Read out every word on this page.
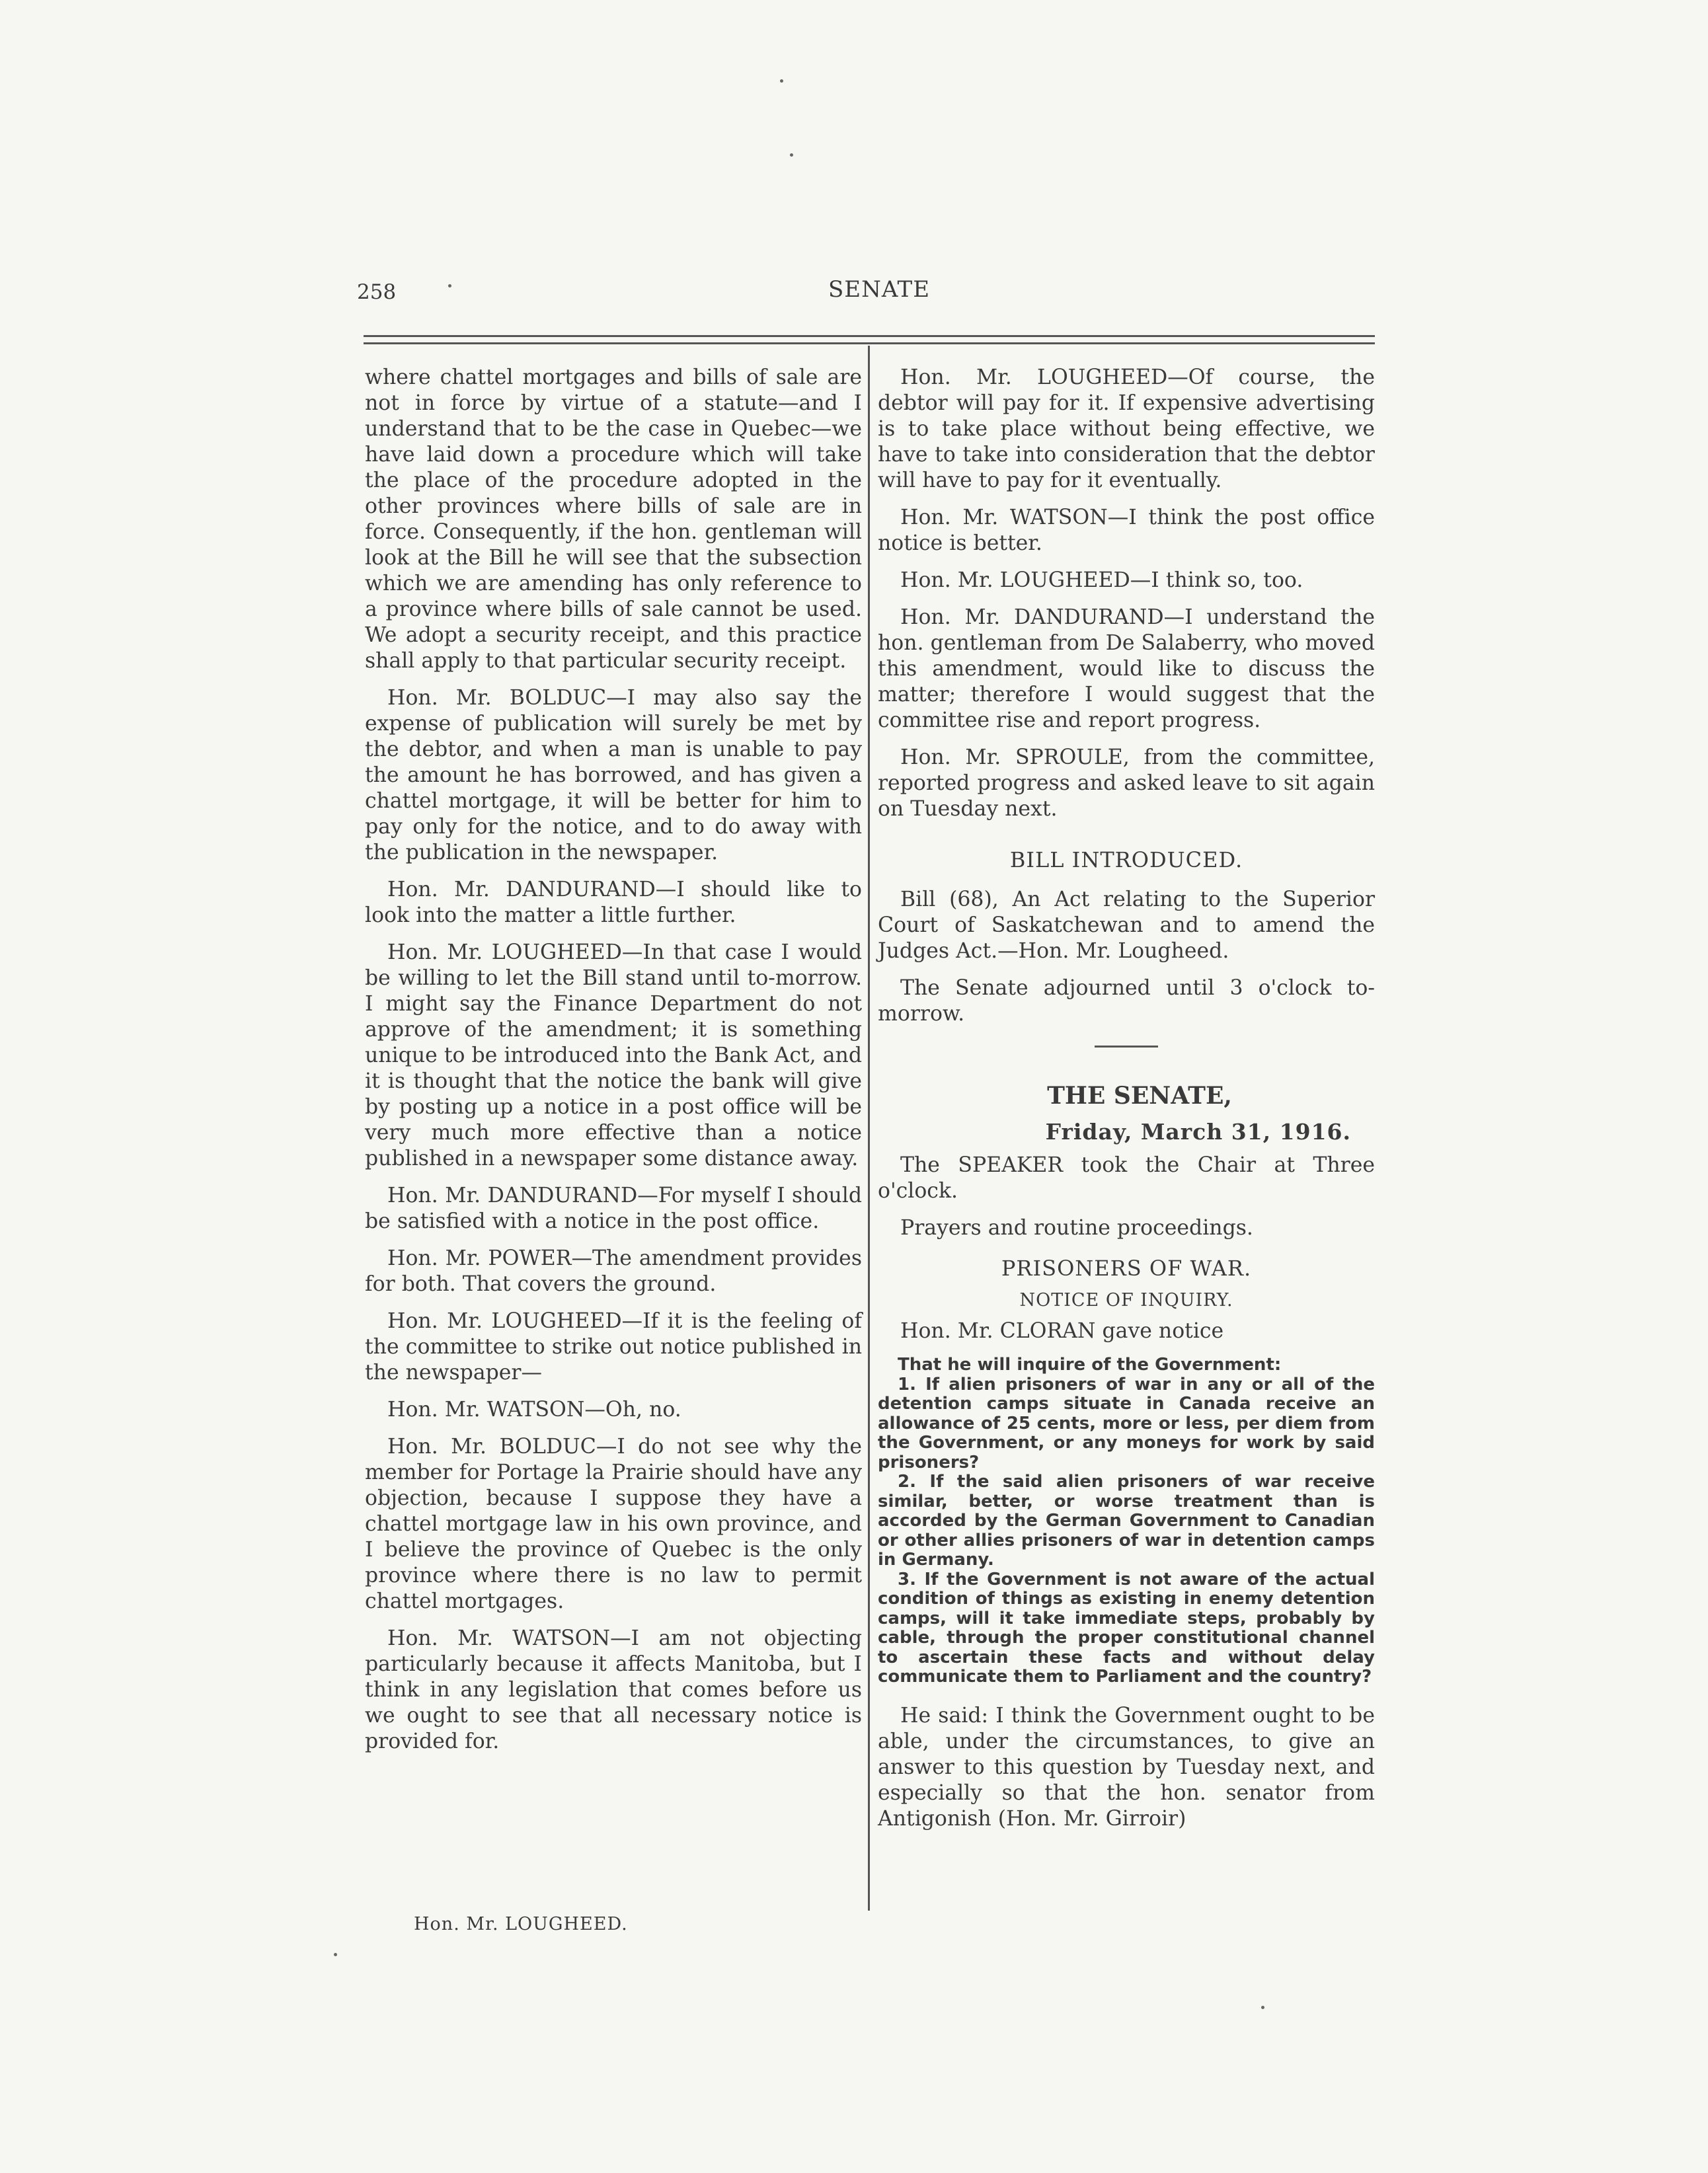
258	SENATE

where chattel mortgages and bills of sale are not in force by virtue of a statute—and I understand that to be the case in Quebec—we have laid down a procedure which will take the place of the procedure adopted in the other provinces where bills of sale are in force. Consequently, if the hon. gentleman will look at the Bill he will see that the subsection which we are amending has only reference to a province where bills of sale cannot be used. We adopt a security receipt, and this practice shall apply to that particular security receipt.

Hon. Mr. BOLDUC—I may also say the expense of publication will surely be met by the debtor, and when a man is unable to pay the amount he has borrowed, and has given a chattel mortgage, it will be better for him to pay only for the notice, and to do away with the publication in the newspaper.

Hon. Mr. DANDURAND—I should like to look into the matter a little further.

Hon. Mr. LOUGHEED—In that case I would be willing to let the Bill stand until to-morrow. I might say the Finance Department do not approve of the amendment; it is something unique to be introduced into the Bank Act, and it is thought that the notice the bank will give by posting up a notice in a post office will be very much more effective than a notice published in a newspaper some distance away.

Hon. Mr. DANDURAND—For myself I should be satisfied with a notice in the post office.

Hon. Mr. POWER—The amendment provides for both. That covers the ground.

Hon. Mr. LOUGHEED—If it is the feeling of the committee to strike out notice published in the newspaper—

Hon. Mr. WATSON—Oh, no.

Hon. Mr. BOLDUC—I do not see why the member for Portage la Prairie should have any objection, because I suppose they have a chattel mortgage law in his own province, and I believe the province of Quebec is the only province where there is no law to permit chattel mortgages.

Hon. Mr. WATSON—I am not objecting particularly because it affects Manitoba, but I think in any legislation that comes before us we ought to see that all necessary notice is provided for.

Hon. Mr. LOUGHEED—Of course, the debtor will pay for it. If expensive advertising is to take place without being effective, we have to take into consideration that the debtor will have to pay for it eventually.

Hon. Mr. WATSON—I think the post office notice is better.

Hon. Mr. LOUGHEED—I think so, too.

Hon. Mr. DANDURAND—I understand the hon. gentleman from De Salaberry, who moved this amendment, would like to discuss the matter; therefore I would suggest that the committee rise and report progress.

Hon. Mr. SPROULE, from the committee, reported progress and asked leave to sit again on Tuesday next.

BILL INTRODUCED.

Bill (68), An Act relating to the Superior Court of Saskatchewan and to amend the Judges Act.—Hon. Mr. Lougheed.

The Senate adjourned until 3 o'clock to-morrow.

THE SENATE,
Friday, March 31, 1916.

The SPEAKER took the Chair at Three o'clock.

Prayers and routine proceedings.

PRISONERS OF WAR.
NOTICE OF INQUIRY.

Hon. Mr. CLORAN gave notice

That he will inquire of the Government:

1. If alien prisoners of war in any or all of the detention camps situate in Canada receive an allowance of 25 cents, more or less, per diem from the Government, or any moneys for work by said prisoners?

2. If the said alien prisoners of war receive similar, better, or worse treatment than is accorded by the German Government to Canadian or other allies prisoners of war in detention camps in Germany.

3. If the Government is not aware of the actual condition of things as existing in enemy detention camps, will it take immediate steps, probably by cable, through the proper constitutional channel to ascertain these facts and without delay communicate them to Parliament and the country?

He said: I think the Government ought to be able, under the circumstances, to give an answer to this question by Tuesday next, and especially so that the hon. senator from Antigonish (Hon. Mr. Girroir)

Hon. Mr. LOUGHEED.
